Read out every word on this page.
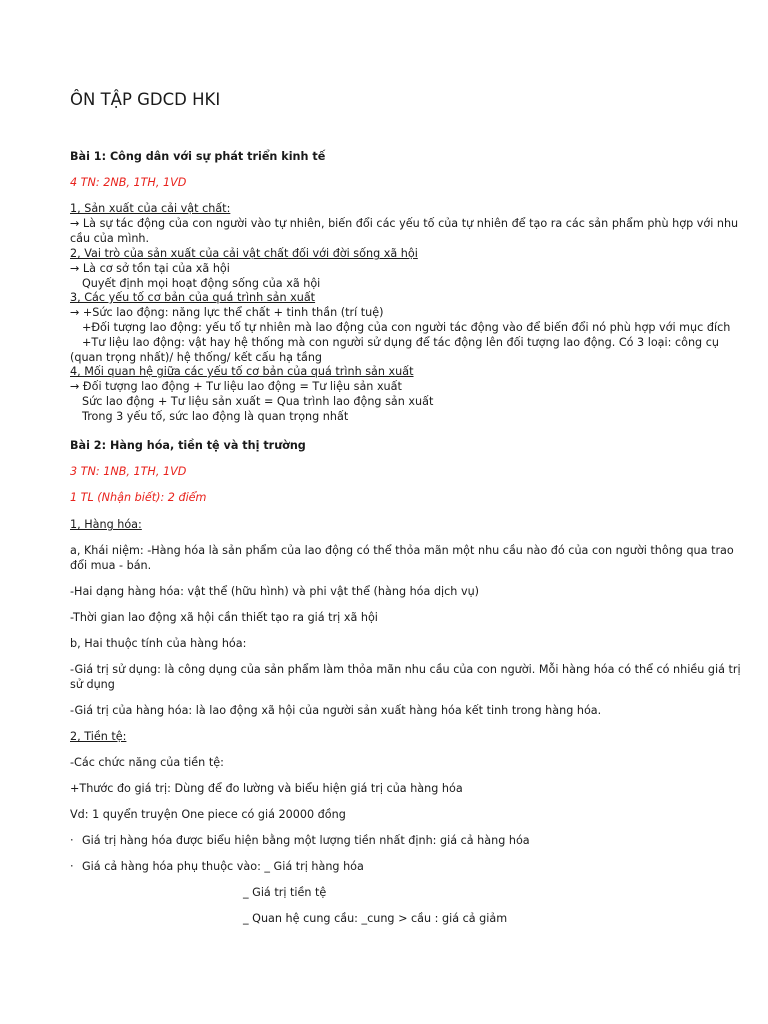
ÔN TẬP GDCD HKI
Bài 1: Công dân với sự phát triển kinh tế
4 TN: 2NB, 1TH, 1VD
1, Sản xuất của cải vật chất:
→ Là sự tác động của con người vào tự nhiên, biến đổi các yếu tố của tự nhiên để tạo ra các sản phẩm phù hợp với nhu
cầu của mình.
2, Vai trò của sản xuất của cải vật chất đối với đời sống xã hội
→ Là cơ sở tồn tại của xã hội
Quyết định mọi hoạt động sống của xã hội
3, Các yếu tố cơ bản của quá trình sản xuất
→ +Sức lao động: năng lực thể chất + tinh thần (trí tuệ)
+Đối tượng lao động: yếu tố tự nhiên mà lao động của con người tác động vào để biến đổi nó phù hợp với mục đích
+Tư liệu lao động: vật hay hệ thống mà con người sử dụng để tác động lên đối tượng lao động. Có 3 loại: công cụ
(quan trọng nhất)/ hệ thống/ kết cấu hạ tầng
4, Mối quan hệ giữa các yếu tố cơ bản của quá trình sản xuất
→ Đối tượng lao động + Tư liệu lao động = Tư liệu sản xuất
Sức lao động + Tư liệu sản xuất = Qua trình lao động sản xuất
Trong 3 yếu tố, sức lao động là quan trọng nhất
Bài 2: Hàng hóa, tiền tệ và thị trường
3 TN: 1NB, 1TH, 1VD
1 TL (Nhận biết): 2 điểm
1, Hàng hóa:
a, Khái niệm: -Hàng hóa là sản phẩm của lao động có thể thỏa mãn một nhu cầu nào đó của con người thông qua trao
đổi mua - bán.
-Hai dạng hàng hóa: vật thể (hữu hình) và phi vật thể (hàng hóa dịch vụ)
-Thời gian lao động xã hội cần thiết tạo ra giá trị xã hội
b, Hai thuộc tính của hàng hóa:
-Giá trị sử dụng: là công dụng của sản phẩm làm thỏa mãn nhu cầu của con người. Mỗi hàng hóa có thể có nhiều giá trị
sử dụng
-Giá trị của hàng hóa: là lao động xã hội của người sản xuất hàng hóa kết tinh trong hàng hóa.
2, Tiền tệ:
-Các chức năng của tiền tệ:
+Thước đo giá trị: Dùng để đo lường và biểu hiện giá trị của hàng hóa
Vd: 1 quyển truyện One piece có giá 20000 đồng
· Giá trị hàng hóa được biểu hiện bằng một lượng tiền nhất định: giá cả hàng hóa
· Giá cả hàng hóa phụ thuộc vào: _ Giá trị hàng hóa
_ Giá trị tiền tệ
_ Quan hệ cung cầu: _cung > cầu : giá cả giảm
